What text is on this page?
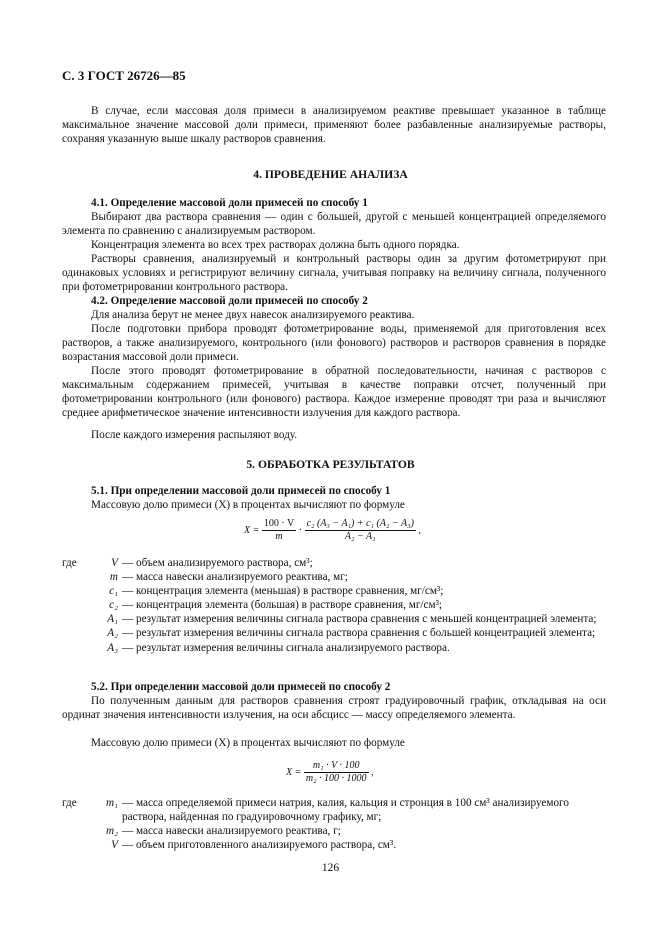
С. 3 ГОСТ 26726—85
В случае, если массовая доля примеси в анализируемом реактиве превышает указанное в таблице максимальное значение массовой доли примеси, применяют более разбавленные анализируемые растворы, сохраняя указанную выше шкалу растворов сравнения.
4. ПРОВЕДЕНИЕ АНАЛИЗА
4.1. Определение массовой доли примесей по способу 1
Выбирают два раствора сравнения — один с большей, другой с меньшей концентрацией определяемого элемента по сравнению с анализируемым раствором.
Концентрация элемента во всех трех растворах должна быть одного порядка.
Растворы сравнения, анализируемый и контрольный растворы один за другим фотометрируют при одинаковых условиях и регистрируют величину сигнала, учитывая поправку на величину сигнала, полученного при фотометрировании контрольного раствора.
4.2. Определение массовой доли примесей по способу 2
Для анализа берут не менее двух навесок анализируемого реактива.
После подготовки прибора проводят фотометрирование воды, применяемой для приготовления всех растворов, а также анализируемого, контрольного (или фонового) растворов и растворов сравнения в порядке возрастания массовой доли примеси.
После этого проводят фотометрирование в обратной последовательности, начиная с растворов с максимальным содержанием примесей, учитывая в качестве поправки отсчет, полученный при фотометрировании контрольного (или фонового) раствора. Каждое измерение проводят три раза и вычисляют среднее арифметическое значение интенсивности излучения для каждого раствора.
После каждого измерения распыляют воду.
5. ОБРАБОТКА РЕЗУЛЬТАТОВ
5.1. При определении массовой доли примесей по способу 1
Массовую долю примеси (X) в процентах вычисляют по формуле
$X = \frac{100 \cdot V}{m} \cdot \frac{\text{c₂ (A₃ − A₁) + c₁ (A₂ − A₃)}}{\text{A₂ − A₁}}$ ,
где	V — объем анализируемого раствора, см³;
m — масса навески анализируемого реактива, мг;
c₁ — концентрация элемента (меньшая) в растворе сравнения, мг/см³;
c₂ — концентрация элемента (большая) в растворе сравнения, мг/см³;
A₁ — результат измерения величины сигнала раствора сравнения с меньшей концентрацией элемента;
A₂ — результат измерения величины сигнала раствора сравнения с большей концентрацией элемента;
A₃ — результат измерения величины сигнала анализируемого раствора.
5.2. При определении массовой доли примесей по способу 2
По полученным данным для растворов сравнения строят градуировочный график, откладывая на оси ординат значения интенсивности излучения, на оси абсцисс — массу определяемого элемента.
Массовую долю примеси (X) в процентах вычисляют по формуле
$X = \frac{\text{m₁ · V · 100}}{\text{m₂ · 100 · 1000}}$ ,
где	m₁ — масса определяемой примеси натрия, калия, кальция и стронция в 100 см³ анализируемого раствора, найденная по градуировочному графику, мг;
m₂ — масса навески анализируемого реактива, г;
V — объем приготовленного анализируемого раствора, см³.
126
